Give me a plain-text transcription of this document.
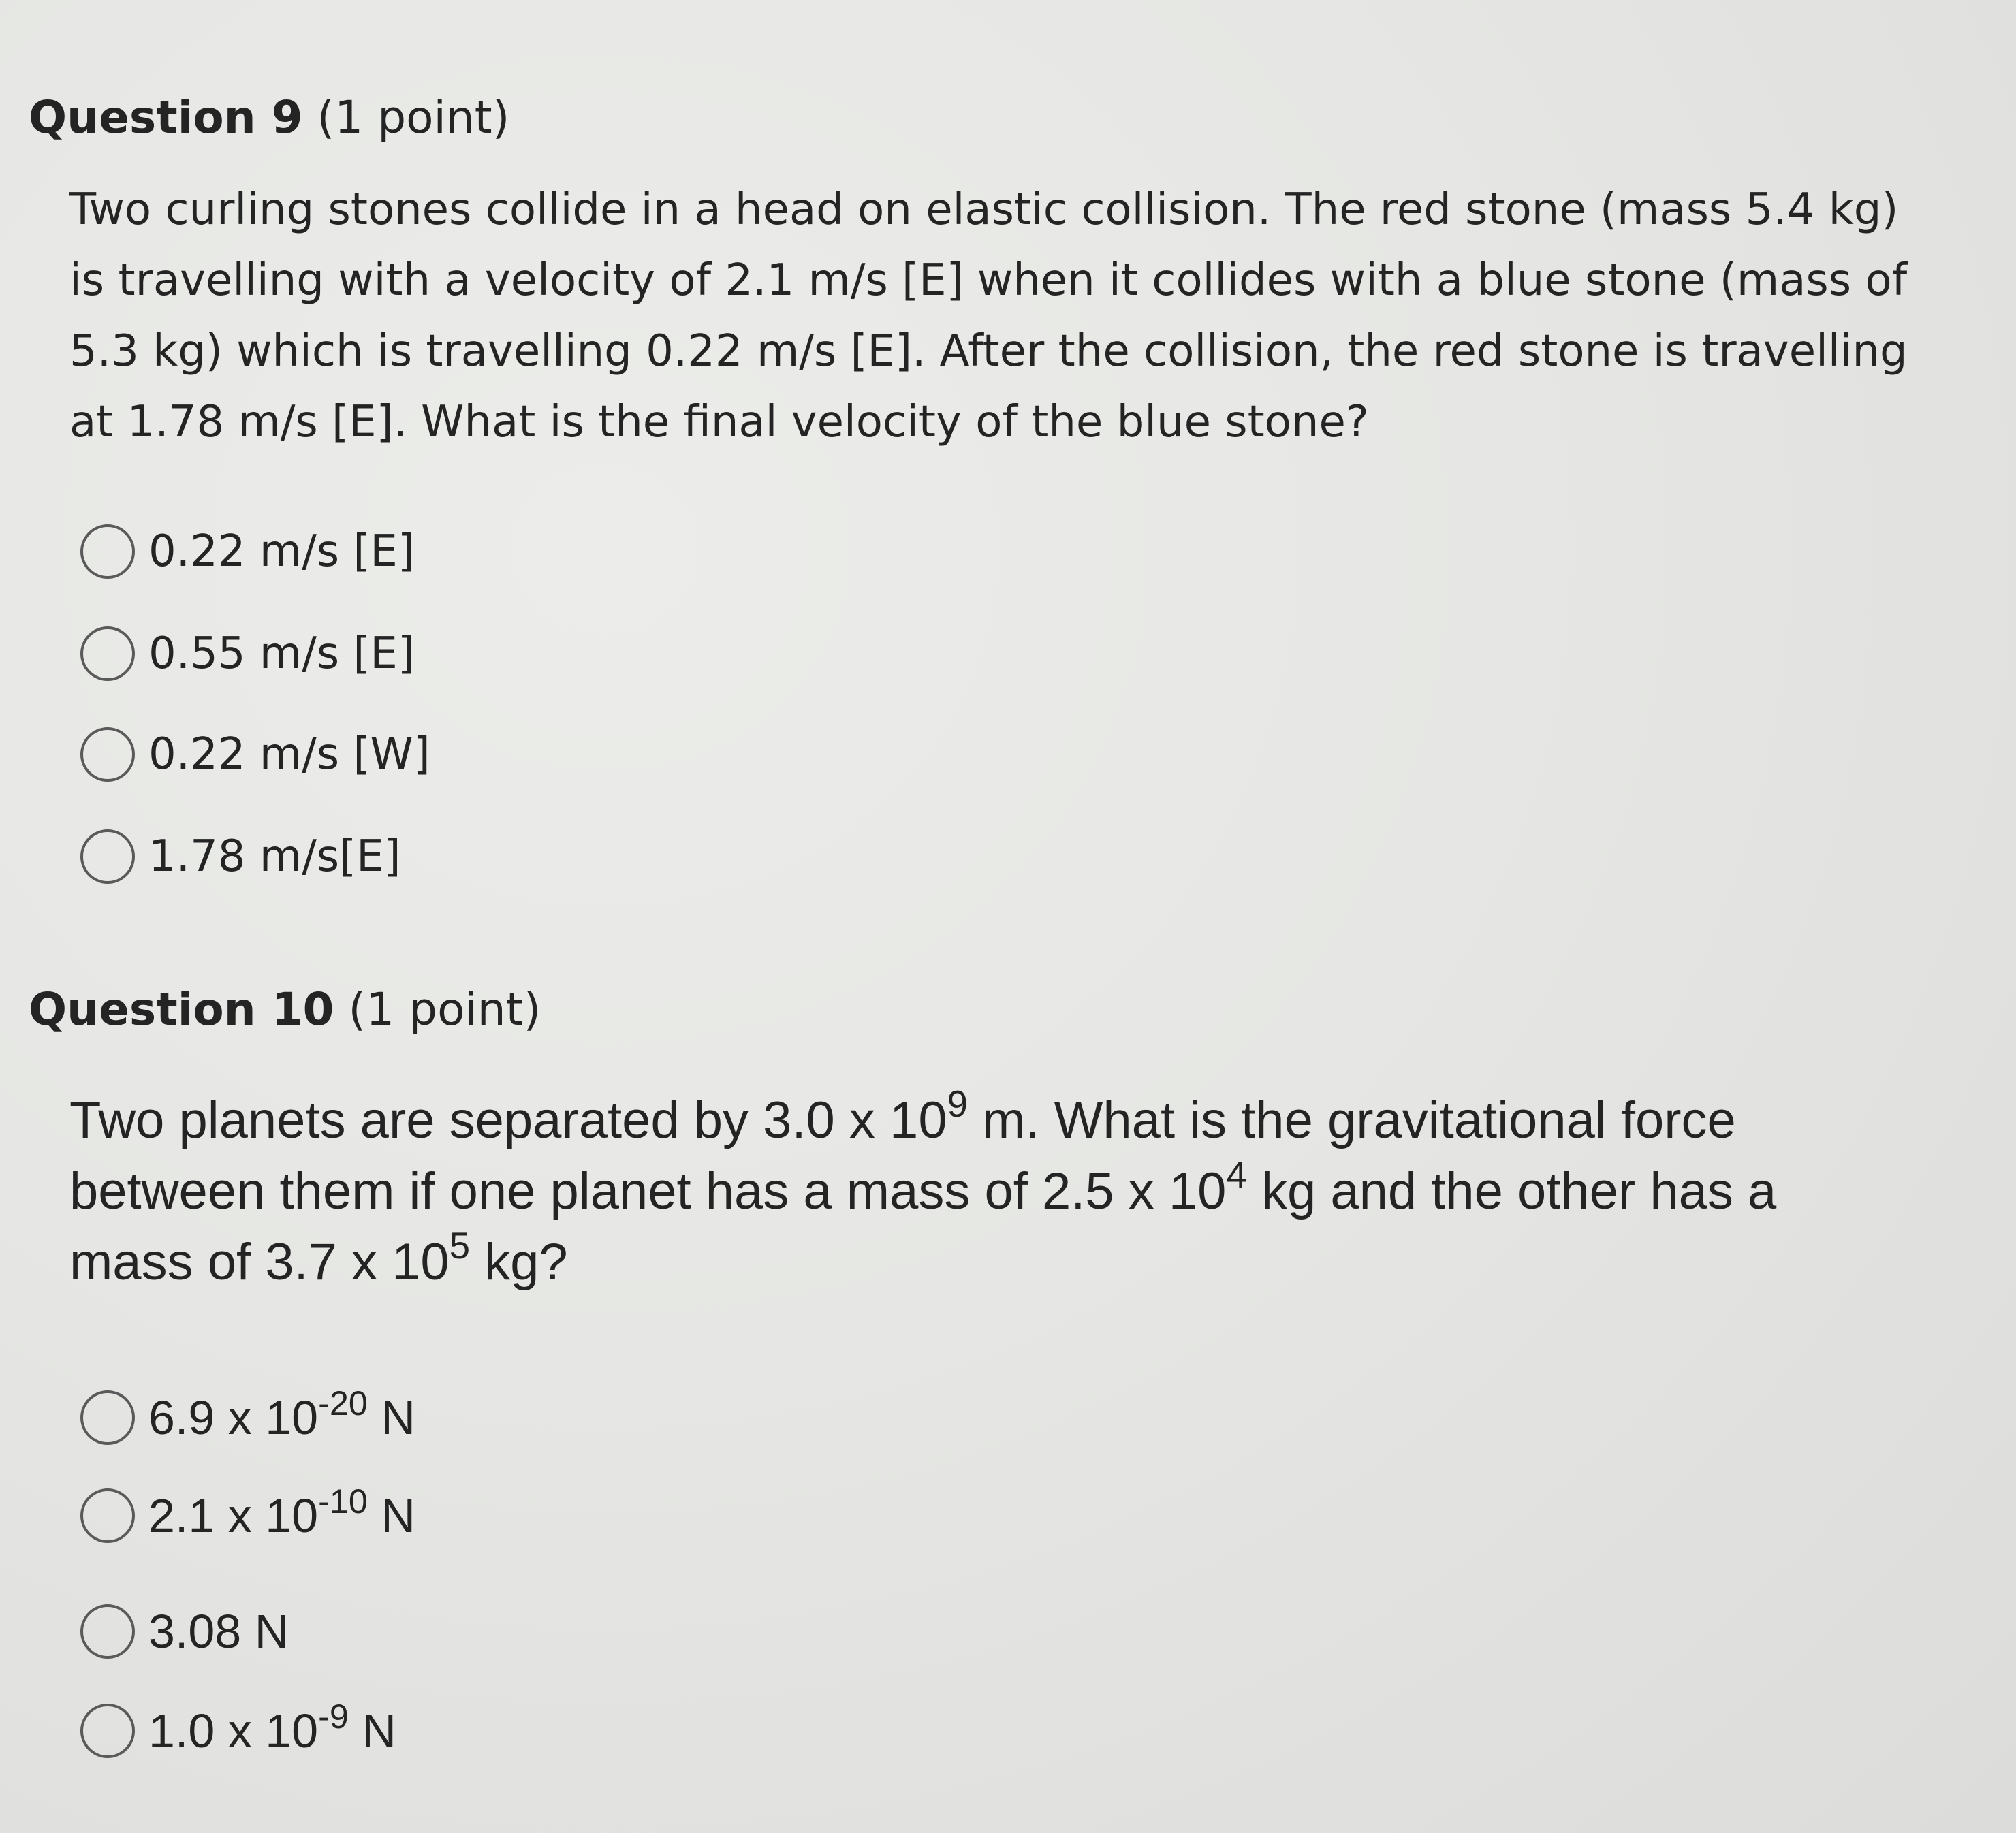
Question 9 (1 point)
Two curling stones collide in a head on elastic collision. The red stone (mass 5.4 kg)
is travelling with a velocity of 2.1 m/s [E] when it collides with a blue stone (mass of
5.3 kg) which is travelling 0.22 m/s [E]. After the collision, the red stone is travelling
at 1.78 m/s [E]. What is the final velocity of the blue stone?
0.22 m/s [E]
0.55 m/s [E]
0.22 m/s [W]
1.78 m/s[E]
Question 10 (1 point)
Two planets are separated by 3.0 x $10^9$ m. What is the gravitational force
between them if one planet has a mass of 2.5 x $10^4$ kg and the other has a
mass of 3.7 x $10^5$ kg?
6.9 x $10^{-20}$ N
2.1 x $10^{-10}$ N
3.08 N
1.0 x $10^{-9}$ N
